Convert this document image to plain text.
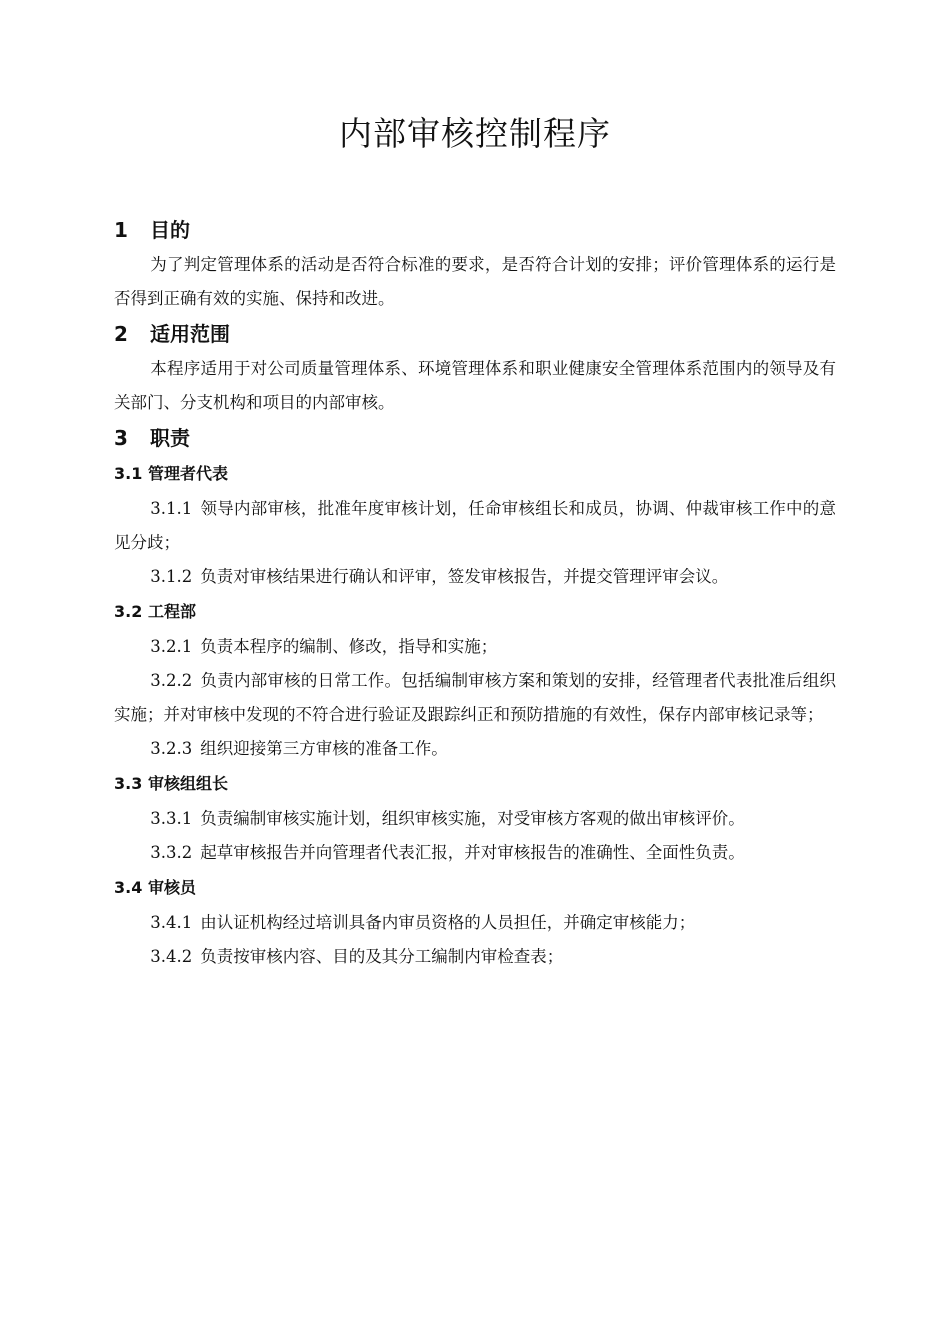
内部审核控制程序
1 目的

为了判定管理体系的活动是否符合标准的要求，是否符合计划的安排；评价管理体系的运行是否得到正确有效的实施、保持和改进。

2 适用范围

本程序适用于对公司质量管理体系、环境管理体系和职业健康安全管理体系范围内的领导及有关部门、分支机构和项目的内部审核。

3 职责
3.1 管理者代表

3.1.1 领导内部审核，批准年度审核计划，任命审核组长和成员，协调、仲裁审核工作中的意见分歧；

3.1.2 负责对审核结果进行确认和评审，签发审核报告，并提交管理评审会议。

3.2 工程部

3.2.1 负责本程序的编制、修改，指导和实施；

3.2.2 负责内部审核的日常工作。包括编制审核方案和策划的安排，经管理者代表批准后组织实施；并对审核中发现的不符合进行验证及跟踪纠正和预防措施的有效性，保存内部审核记录等；

3.2.3 组织迎接第三方审核的准备工作。

3.3 审核组组长

3.3.1 负责编制审核实施计划，组织审核实施，对受审核方客观的做出审核评价。

3.3.2 起草审核报告并向管理者代表汇报，并对审核报告的准确性、全面性负责。

3.4 审核员

3.4.1 由认证机构经过培训具备内审员资格的人员担任，并确定审核能力；

3.4.2 负责按审核内容、目的及其分工编制内审检查表；
